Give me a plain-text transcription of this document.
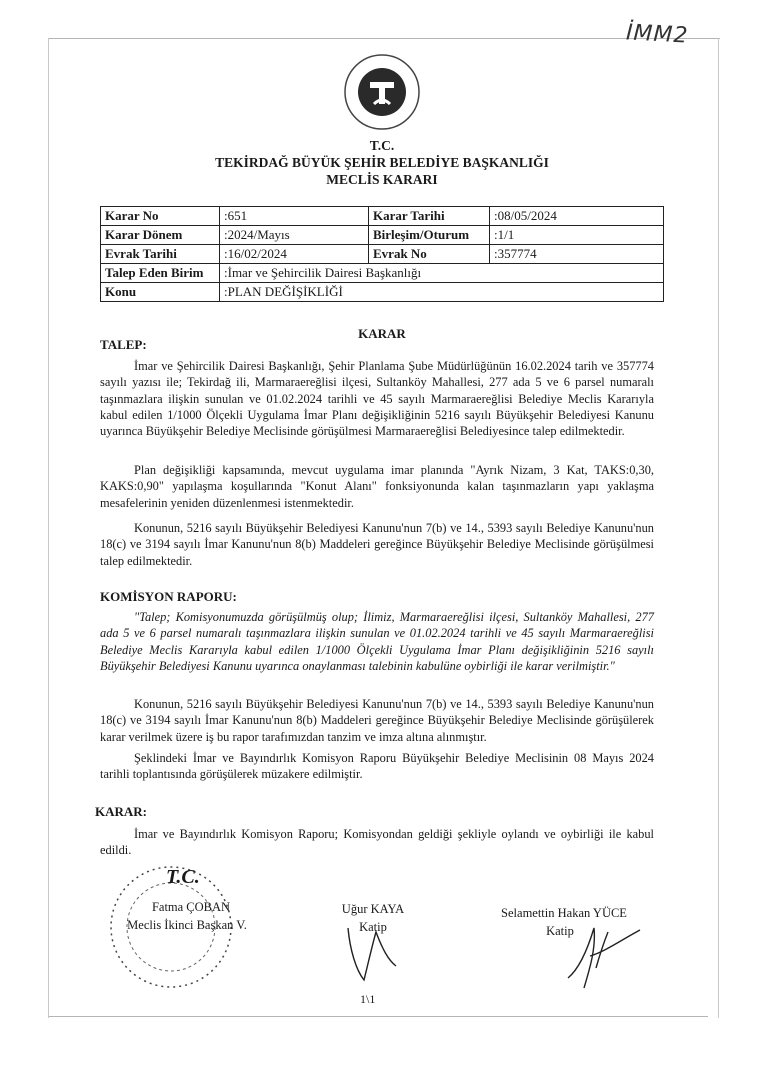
İMM2
T.C.
TEKİRDAĞ BÜYÜK ŞEHİR BELEDİYE BAŞKANLIĞI
MECLİS KARARI
Karar No	:651	Karar Tarihi	:08/05/2024
Karar Dönem	:2024/Mayıs	Birleşim/Oturum	:1/1
Evrak Tarihi	:16/02/2024	Evrak No	:357774
Talep Eden Birim	:İmar ve Şehircilik Dairesi Başkanlığı		
Konu	:PLAN DEĞİŞİKLİĞİ		
KARAR
TALEP:
İmar ve Şehircilik Dairesi Başkanlığı, Şehir Planlama Şube Müdürlüğünün 16.02.2024 tarih ve 357774 sayılı yazısı ile; Tekirdağ ili, Marmaraereğlisi ilçesi, Sultanköy Mahallesi, 277 ada 5 ve 6 parsel numaralı taşınmazlara ilişkin sunulan ve 01.02.2024 tarihli ve 45 sayılı Marmaraereğlisi Belediye Meclis Kararıyla kabul edilen 1/1000 Ölçekli Uygulama İmar Planı değişikliğinin 5216 sayılı Büyükşehir Belediyesi Kanunu uyarınca Büyükşehir Belediye Meclisinde görüşülmesi Marmaraereğlisi Belediyesince talep edilmektedir.
Plan değişikliği kapsamında, mevcut uygulama imar planında "Ayrık Nizam, 3 Kat, TAKS:0,30, KAKS:0,90" yapılaşma koşullarında "Konut Alanı" fonksiyonunda kalan taşınmazların yapı yaklaşma mesafelerinin yeniden düzenlenmesi istenmektedir.
Konunun, 5216 sayılı Büyükşehir Belediyesi Kanunu'nun 7(b) ve 14., 5393 sayılı Belediye Kanunu'nun 18(c) ve 3194 sayılı İmar Kanunu'nun 8(b) Maddeleri gereğince Büyükşehir Belediye Meclisinde görüşülmesi talep edilmektedir.
KOMİSYON RAPORU:
"Talep; Komisyonumuzda görüşülmüş olup; İlimiz, Marmaraereğlisi ilçesi, Sultanköy Mahallesi, 277 ada 5 ve 6 parsel numaralı taşınmazlara ilişkin sunulan ve 01.02.2024 tarihli ve 45 sayılı Marmaraereğlisi Belediye Meclis Kararıyla kabul edilen 1/1000 Ölçekli Uygulama İmar Planı değişikliğinin 5216 sayılı Büyükşehir Belediyesi Kanunu uyarınca onaylanması talebinin kabulüne oybirliği ile karar verilmiştir."
Konunun, 5216 sayılı Büyükşehir Belediyesi Kanunu'nun 7(b) ve 14., 5393 sayılı Belediye Kanunu'nun 18(c) ve 3194 sayılı İmar Kanunu'nun 8(b) Maddeleri gereğince Büyükşehir Belediye Meclisinde görüşülerek karar verilmek üzere iş bu rapor tarafımızdan tanzim ve imza altına alınmıştır.
Şeklindeki İmar ve Bayındırlık Komisyon Raporu Büyükşehir Belediye Meclisinin 08 Mayıs 2024 tarihli toplantısında görüşülerek müzakere edilmiştir.
KARAR:
İmar ve Bayındırlık Komisyon Raporu; Komisyondan geldiği şekliyle oylandı ve oybirliği ile kabul edildi.
T.C.
Fatma ÇOBAN
Meclis İkinci Başkan V.
Uğur KAYA
Katip
Selamettin Hakan YÜCE
Katip
1\1
